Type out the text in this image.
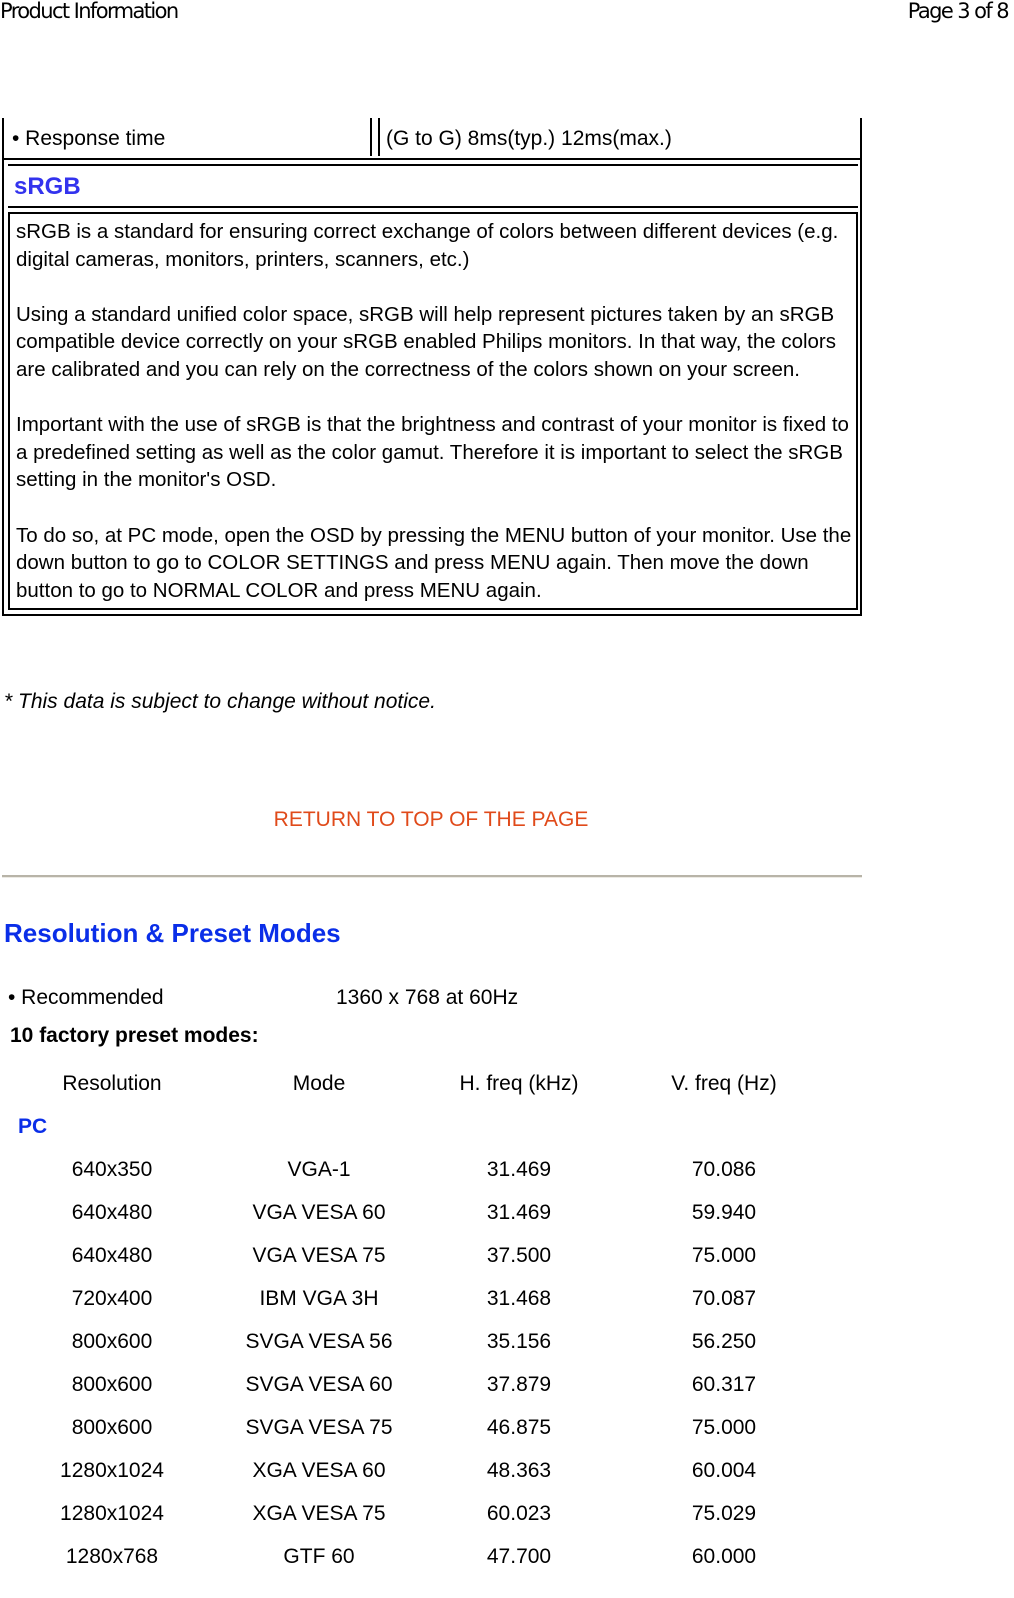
Product Information	Page 3 of 8
• Response time	(G to G) 8ms(typ.) 12ms(max.)
sRGB

sRGB is a standard for ensuring correct exchange of colors between different devices (e.g. digital cameras, monitors, printers, scanners, etc.)

Using a standard unified color space, sRGB will help represent pictures taken by an sRGB compatible device correctly on your sRGB enabled Philips monitors. In that way, the colors are calibrated and you can rely on the correctness of the colors shown on your screen.

Important with the use of sRGB is that the brightness and contrast of your monitor is fixed to a predefined setting as well as the color gamut. Therefore it is important to select the sRGB setting in the monitor's OSD.

To do so, at PC mode, open the OSD by pressing the MENU button of your monitor. Use the down button to go to COLOR SETTINGS and press MENU again. Then move the down button to go to NORMAL COLOR and press MENU again.

* This data is subject to change without notice.
RETURN TO TOP OF THE PAGE
Resolution & Preset Modes
• Recommended	1360 x 768 at 60Hz
10 factory preset modes:
Resolution	Mode	H. freq (kHz)	V. freq (Hz)
PC			
640x350	VGA-1	31.469	70.086
640x480	VGA VESA 60	31.469	59.940
640x480	VGA VESA 75	37.500	75.000
720x400	IBM VGA 3H	31.468	70.087
800x600	SVGA VESA 56	35.156	56.250
800x600	SVGA VESA 60	37.879	60.317
800x600	SVGA VESA 75	46.875	75.000
1280x1024	XGA VESA 60	48.363	60.004
1280x1024	XGA VESA 75	60.023	75.029
1280x768	GTF 60	47.700	60.000
